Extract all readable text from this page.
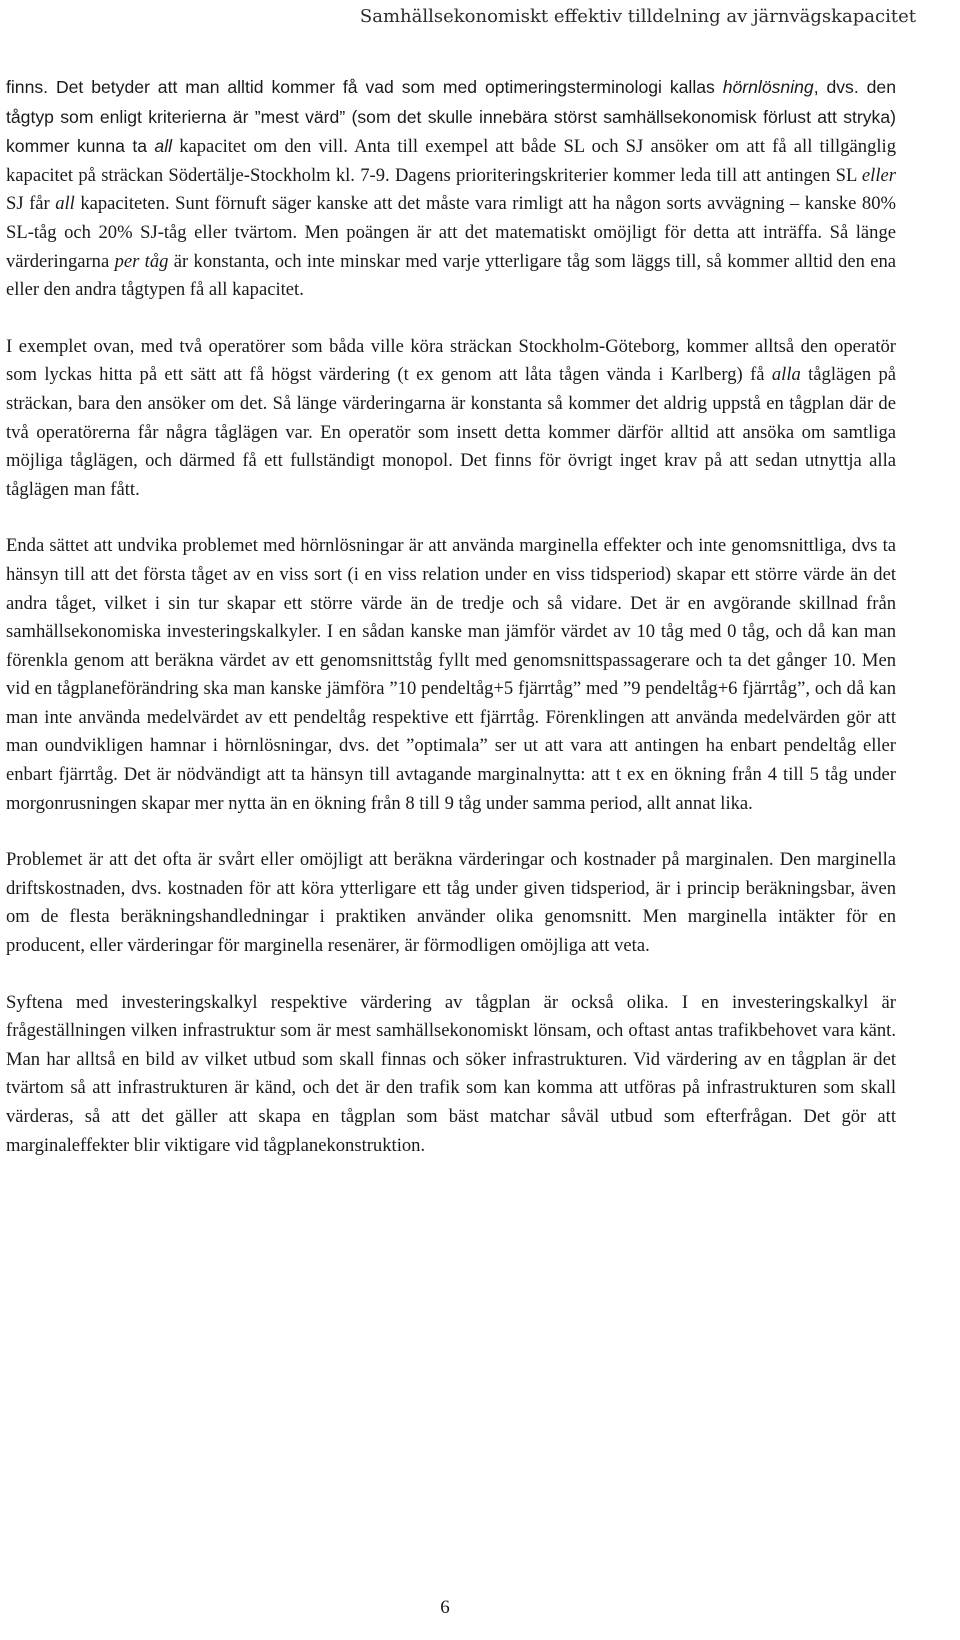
Samhällsekonomiskt effektiv tilldelning av järnvägskapacitet

finns. Det betyder att man alltid kommer få vad som med optimeringsterminologi kallas hörnlösning, dvs. den tågtyp som enligt kriterierna är ”mest värd” (som det skulle innebära störst samhällsekonomisk förlust att stryka) kommer kunna ta all kapacitet om den vill. Anta till exempel att både SL och SJ ansöker om att få all tillgänglig kapacitet på sträckan Södertälje-Stockholm kl. 7-9. Dagens prioriteringskriterier kommer leda till att antingen SL eller SJ får all kapaciteten. Sunt förnuft säger kanske att det måste vara rimligt att ha någon sorts avvägning – kanske 80% SL-tåg och 20% SJ-tåg eller tvärtom. Men poängen är att det matematiskt omöjligt för detta att inträffa. Så länge värderingarna per tåg är konstanta, och inte minskar med varje ytterligare tåg som läggs till, så kommer alltid den ena eller den andra tågtypen få all kapacitet.

I exemplet ovan, med två operatörer som båda ville köra sträckan Stockholm-Göteborg, kommer alltså den operatör som lyckas hitta på ett sätt att få högst värdering (t ex genom att låta tågen vända i Karlberg) få alla tåglägen på sträckan, bara den ansöker om det. Så länge värderingarna är konstanta så kommer det aldrig uppstå en tågplan där de två operatörerna får några tåglägen var. En operatör som insett detta kommer därför alltid att ansöka om samtliga möjliga tåglägen, och därmed få ett fullständigt monopol. Det finns för övrigt inget krav på att sedan utnyttja alla tåglägen man fått.

Enda sättet att undvika problemet med hörnlösningar är att använda marginella effekter och inte genomsnittliga, dvs ta hänsyn till att det första tåget av en viss sort (i en viss relation under en viss tidsperiod) skapar ett större värde än det andra tåget, vilket i sin tur skapar ett större värde än de tredje och så vidare. Det är en avgörande skillnad från samhällsekonomiska investeringskalkyler. I en sådan kanske man jämför värdet av 10 tåg med 0 tåg, och då kan man förenkla genom att beräkna värdet av ett genomsnittståg fyllt med genomsnittspassagerare och ta det gånger 10. Men vid en tågplaneförändring ska man kanske jämföra ”10 pendeltåg+5 fjärrtåg” med ”9 pendeltåg+6 fjärrtåg”, och då kan man inte använda medelvärdet av ett pendeltåg respektive ett fjärrtåg. Förenklingen att använda medelvärden gör att man oundvikligen hamnar i hörnlösningar, dvs. det ”optimala” ser ut att vara att antingen ha enbart pendeltåg eller enbart fjärrtåg. Det är nödvändigt att ta hänsyn till avtagande marginalnytta: att t ex en ökning från 4 till 5 tåg under morgonrusningen skapar mer nytta än en ökning från 8 till 9 tåg under samma period, allt annat lika.

Problemet är att det ofta är svårt eller omöjligt att beräkna värderingar och kostnader på marginalen. Den marginella driftskostnaden, dvs. kostnaden för att köra ytterligare ett tåg under given tidsperiod, är i princip beräkningsbar, även om de flesta beräkningshandledningar i praktiken använder olika genomsnitt. Men marginella intäkter för en producent, eller värderingar för marginella resenärer, är förmodligen omöjliga att veta.

Syftena med investeringskalkyl respektive värdering av tågplan är också olika. I en investeringskalkyl är frågeställningen vilken infrastruktur som är mest samhällsekonomiskt lönsam, och oftast antas trafikbehovet vara känt. Man har alltså en bild av vilket utbud som skall finnas och söker infrastrukturen. Vid värdering av en tågplan är det tvärtom så att infrastrukturen är känd, och det är den trafik som kan komma att utföras på infrastrukturen som skall värderas, så att det gäller att skapa en tågplan som bäst matchar såväl utbud som efterfrågan. Det gör att marginaleffekter blir viktigare vid tågplanekonstruktion.

6
